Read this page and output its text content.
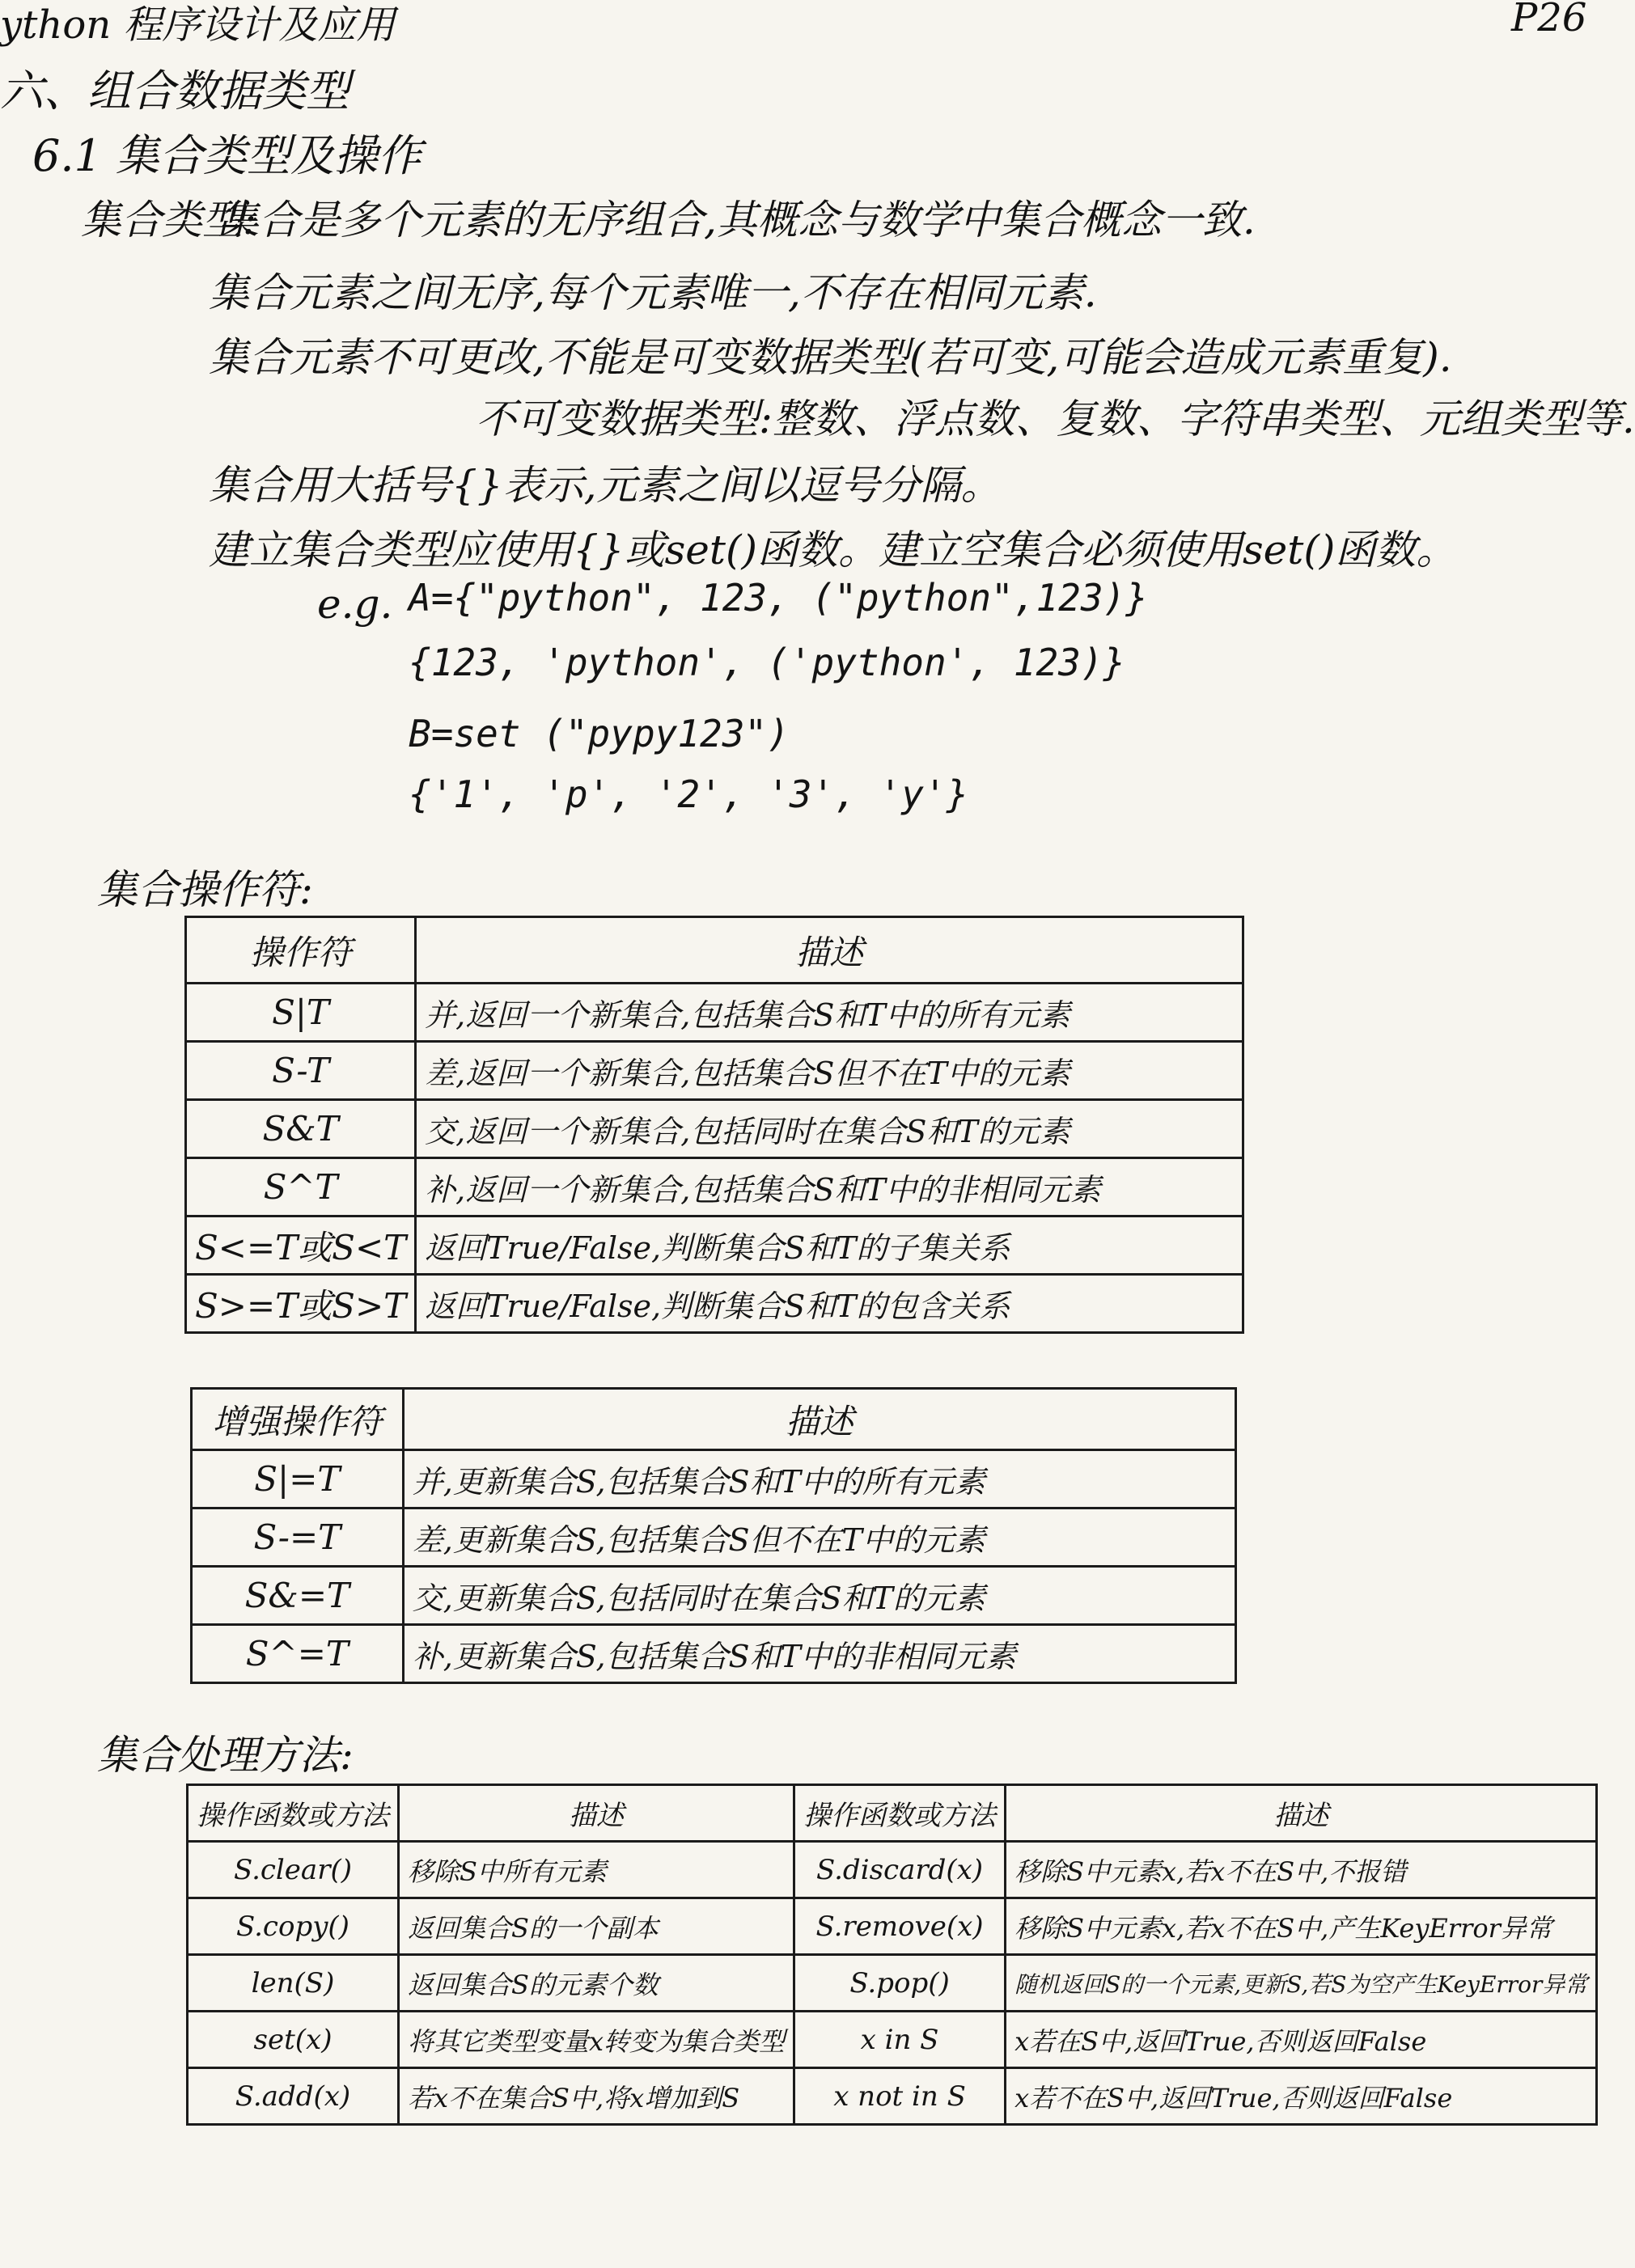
ython 程序设计及应用	P26
六、组合数据类型
6.1 集合类型及操作
集合类型:
集合是多个元素的无序组合,其概念与数学中集合概念一致.
集合元素之间无序,每个元素唯一,不存在相同元素.
集合元素不可更改,不能是可变数据类型(若可变,可能会造成元素重复).
不可变数据类型:整数、浮点数、复数、字符串类型、元组类型等.
集合用大括号{}表示,元素之间以逗号分隔。
建立集合类型应使用{}或set()函数。建立空集合必须使用set()函数。
e.g. A={"python", 123, ("python",123)}
{123, 'python', ('python', 123)}
B=set ("pypy123")
{'1', 'p', '2', '3', 'y'}
集合操作符:
操作符	描述
S|T	并,返回一个新集合,包括集合S和T中的所有元素
S-T	差,返回一个新集合,包括集合S但不在T中的元素
S&T	交,返回一个新集合,包括同时在集合S和T的元素
S^T	补,返回一个新集合,包括集合S和T中的非相同元素
S<=T或S<T	返回True/False,判断集合S和T的子集关系
S>=T或S>T	返回True/False,判断集合S和T的包含关系
增强操作符	描述
S|=T	并,更新集合S,包括集合S和T中的所有元素
S-=T	差,更新集合S,包括集合S但不在T中的元素
S&=T	交,更新集合S,包括同时在集合S和T的元素
S^=T	补,更新集合S,包括集合S和T中的非相同元素
集合处理方法:
操作函数或方法	描述	操作函数或方法	描述
S.clear()	移除S中所有元素	S.discard(x)	移除S中元素x,若x不在S中,不报错
S.copy()	返回集合S的一个副本	S.remove(x)	移除S中元素x,若x不在S中,产生KeyError异常
len(S)	返回集合S的元素个数	S.pop()	随机返回S的一个元素,更新S,若S为空产生KeyError异常
set(x)	将其它类型变量x转变为集合类型	x in S	x若在S中,返回True,否则返回False
S.add(x)	若x不在集合S中,将x增加到S	x not in S	x若不在S中,返回True,否则返回False
